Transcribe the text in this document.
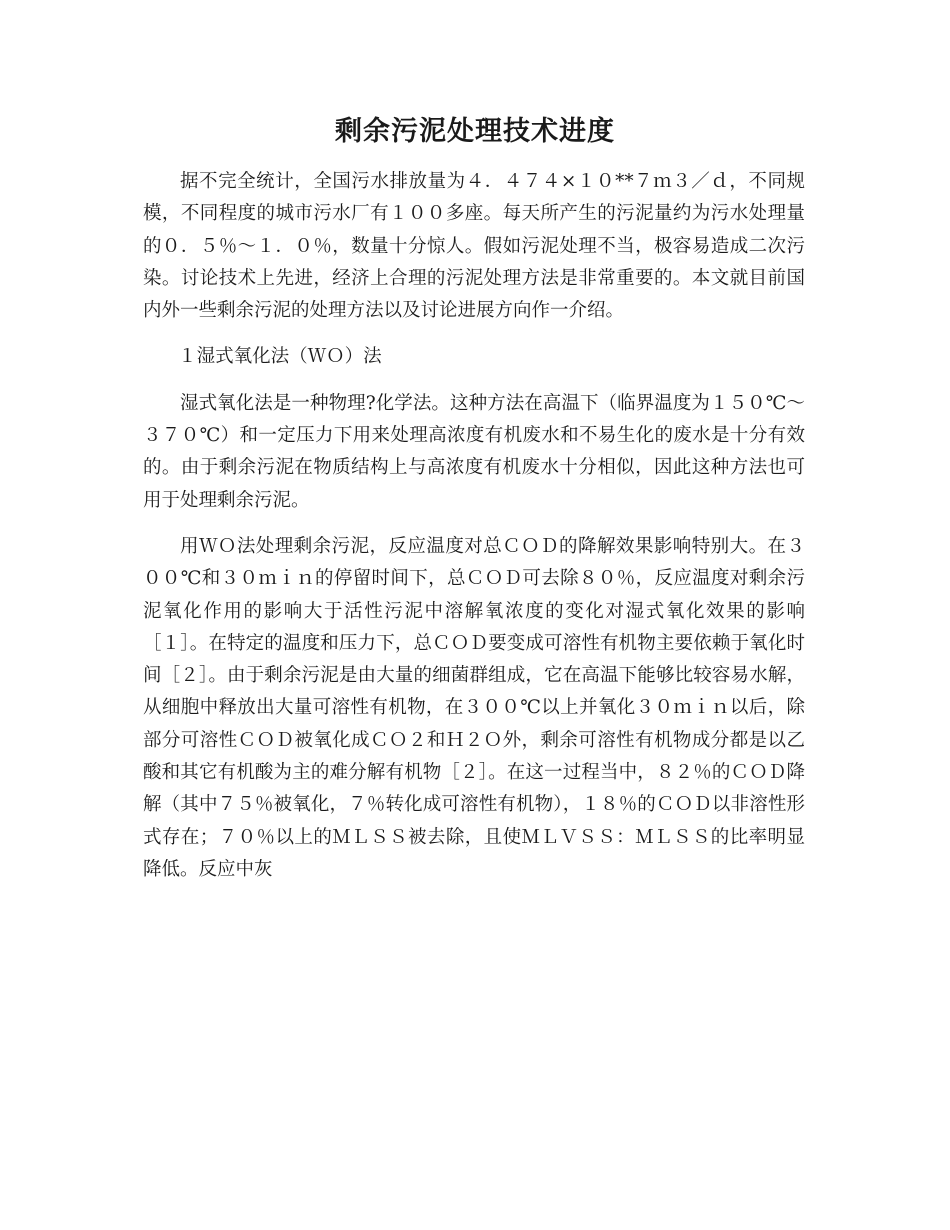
剩余污泥处理技术进度

据不完全统计，全国污水排放量为４．４７４×１０**７ｍ３／ｄ，不同规模，不同程度的城市污水厂有１００多座。每天所产生的污泥量约为污水处理量的０．５％～１．０％，数量十分惊人。假如污泥处理不当，极容易造成二次污染。讨论技术上先进，经济上合理的污泥处理方法是非常重要的。本文就目前国内外一些剩余污泥的处理方法以及讨论进展方向作一介绍。

１湿式氧化法（ＷＯ）法

湿式氧化法是一种物理?化学法。这种方法在高温下（临界温度为１５０℃～３７０℃）和一定压力下用来处理高浓度有机废水和不易生化的废水是十分有效的。由于剩余污泥在物质结构上与高浓度有机废水十分相似，因此这种方法也可用于处理剩余污泥。

用ＷＯ法处理剩余污泥，反应温度对总ＣＯＤ的降解效果影响特别大。在３００℃和３０ｍｉｎ的停留时间下，总ＣＯＤ可去除８０％，反应温度对剩余污泥氧化作用的影响大于活性污泥中溶解氧浓度的变化对湿式氧化效果的影响［１］。在特定的温度和压力下，总ＣＯＤ要变成可溶性有机物主要依赖于氧化时间［２］。由于剩余污泥是由大量的细菌群组成，它在高温下能够比较容易水解，从细胞中释放出大量可溶性有机物，在３００℃以上并氧化３０ｍｉｎ以后，除部分可溶性ＣＯＤ被氧化成ＣＯ２和Ｈ２Ｏ外，剩余可溶性有机物成分都是以乙酸和其它有机酸为主的难分解有机物［２］。在这一过程当中，８２％的ＣＯＤ降解（其中７５％被氧化，７％转化成可溶性有机物），１８％的ＣＯＤ以非溶性形式存在；７０％以上的ＭＬＳＳ被去除，且使ＭＬＶＳＳ：ＭＬＳＳ的比率明显降低。反应中灰
